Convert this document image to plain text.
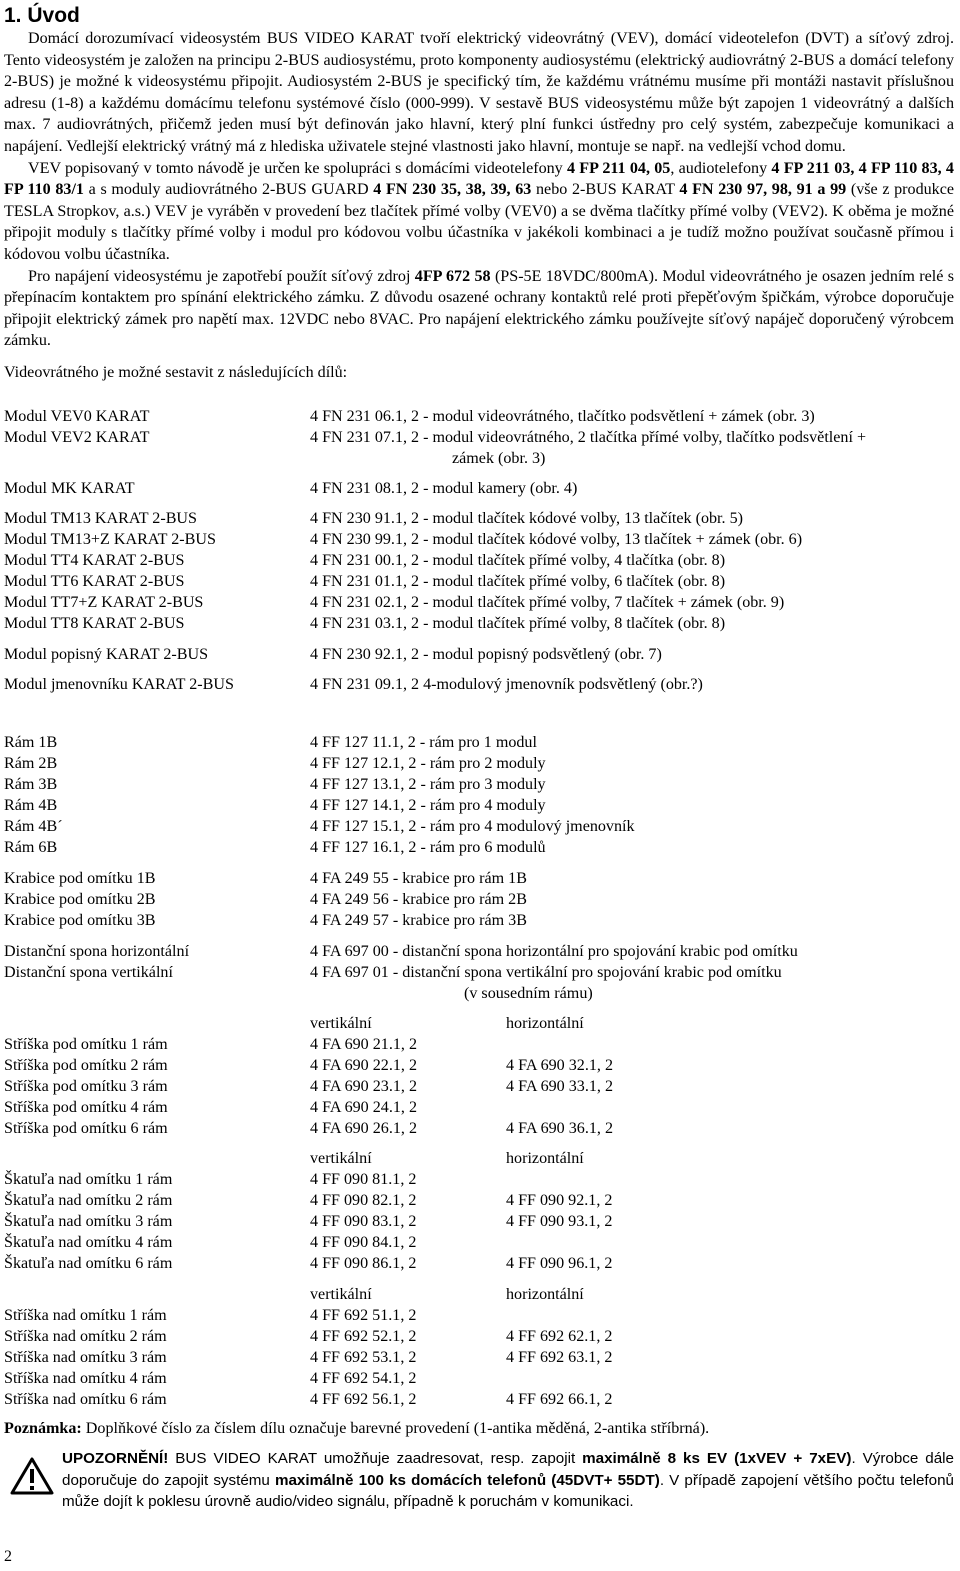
1. Úvod

Domácí dorozumívací videosystém BUS VIDEO KARAT tvoří elektrický videovrátný (VEV), domácí videotelefon (DVT) a síťový zdroj. Tento videosystém je založen na principu 2-BUS audiosystému, proto komponenty audiosystému (elektrický audiovrátný 2-BUS a domácí telefony 2-BUS) je možné k videosystému připojit. Audiosystém 2-BUS je specifický tím, že každému vrátnému musíme při montáži nastavit příslušnou adresu (1-8) a každému domácímu telefonu systémové číslo (000-999). V sestavě BUS videosystému může být zapojen 1 videovrátný a dalších max. 7 audiovrátných, přičemž jeden musí být definován jako hlavní, který plní funkci ústředny pro celý systém, zabezpečuje komunikaci a napájení. Vedlejší elektrický vrátný má z hlediska uživatele stejné vlastnosti jako hlavní, montuje se např. na vedlejší vchod domu.

VEV popisovaný v tomto návodě je určen ke spolupráci s domácími videotelefony 4 FP 211 04, 05, audiotelefony 4 FP 211 03, 4 FP 110 83, 4 FP 110 83/1 a s moduly audiovrátného 2-BUS GUARD 4 FN 230 35, 38, 39, 63 nebo 2-BUS KARAT 4 FN 230 97, 98, 91 a 99 (vše z produkce TESLA Stropkov, a.s.) VEV je vyráběn v provedení bez tlačítek přímé volby (VEV0) a se dvěma tlačítky přímé volby (VEV2). K oběma je možné připojit moduly s tlačítky přímé volby i modul pro kódovou volbu účastníka v jakékoli kombinaci a je tudíž možno používat současně přímou i kódovou volbu účastníka.

Pro napájení videosystému je zapotřebí použít síťový zdroj 4FP 672 58 (PS-5E 18VDC/800mA). Modul videovrátného je osazen jedním relé s přepínacím kontaktem pro spínání elektrického zámku. Z důvodu osazené ochrany kontaktů relé proti přepěťovým špičkám, výrobce doporučuje připojit elektrický zámek pro napětí max. 12VDC nebo 8VAC. Pro napájení elektrického zámku používejte síťový napáječ doporučený výrobcem zámku.

Videovrátného je možné sestavit z následujících dílů:

Modul VEV0 KARAT	4 FN 231 06.1, 2 - modul videovrátného, tlačítko podsvětlení + zámek (obr. 3)
Modul VEV2 KARAT	4 FN 231 07.1, 2 - modul videovrátného, 2 tlačítka přímé volby, tlačítko podsvětlení +
zámek (obr. 3)
Modul MK KARAT	4 FN 231 08.1, 2 - modul kamery (obr. 4)
Modul TM13 KARAT 2-BUS	4 FN 230 91.1, 2 - modul tlačítek kódové volby, 13 tlačítek (obr. 5)
Modul TM13+Z KARAT 2-BUS	4 FN 230 99.1, 2 - modul tlačítek kódové volby, 13 tlačítek + zámek (obr. 6)
Modul TT4 KARAT 2-BUS	4 FN 231 00.1, 2 - modul tlačítek přímé volby, 4 tlačítka (obr. 8)
Modul TT6 KARAT 2-BUS	4 FN 231 01.1, 2 - modul tlačítek přímé volby, 6 tlačítek (obr. 8)
Modul TT7+Z KARAT 2-BUS	4 FN 231 02.1, 2 - modul tlačítek přímé volby, 7 tlačítek + zámek (obr. 9)
Modul TT8 KARAT 2-BUS	4 FN 231 03.1, 2 - modul tlačítek přímé volby, 8 tlačítek (obr. 8)
Modul popisný KARAT 2-BUS	4 FN 230 92.1, 2 - modul popisný podsvětlený (obr. 7)
Modul jmenovníku KARAT 2-BUS	4 FN 231 09.1, 2 4-modulový jmenovník podsvětlený (obr.?)
Rám 1B	4 FF 127 11.1, 2 - rám pro 1 modul
Rám 2B	4 FF 127 12.1, 2 - rám pro 2 moduly
Rám 3B	4 FF 127 13.1, 2 - rám pro 3 moduly
Rám 4B	4 FF 127 14.1, 2 - rám pro 4 moduly
Rám 4B´	4 FF 127 15.1, 2 - rám pro 4 modulový jmenovník
Rám 6B	4 FF 127 16.1, 2 - rám pro 6 modulů
Krabice pod omítku 1B	4 FA 249 55 - krabice pro rám 1B
Krabice pod omítku 2B	4 FA 249 56 - krabice pro rám 2B
Krabice pod omítku 3B	4 FA 249 57 - krabice pro rám 3B
Distanční spona horizontální	4 FA 697 00 - distanční spona horizontální pro spojování krabic pod omítku
Distanční spona vertikální	4 FA 697 01 - distanční spona vertikální pro spojování krabic pod omítku
(v sousedním rámu)
vertikální	horizontální
Stříška pod omítku 1 rám	4 FA 690 21.1, 2
Stříška pod omítku 2 rám	4 FA 690 22.1, 2	4 FA 690 32.1, 2
Stříška pod omítku 3 rám	4 FA 690 23.1, 2	4 FA 690 33.1, 2
Stříška pod omítku 4 rám	4 FA 690 24.1, 2
Stříška pod omítku 6 rám	4 FA 690 26.1, 2	4 FA 690 36.1, 2
vertikální	horizontální
Škatuľa nad omítku 1 rám	4 FF 090 81.1, 2
Škatuľa nad omítku 2 rám	4 FF 090 82.1, 2	4 FF 090 92.1, 2
Škatuľa nad omítku 3 rám	4 FF 090 83.1, 2	4 FF 090 93.1, 2
Škatuľa nad omítku 4 rám	4 FF 090 84.1, 2
Škatuľa nad omítku 6 rám	4 FF 090 86.1, 2	4 FF 090 96.1, 2
vertikální	horizontální
Stříška nad omítku 1 rám	4 FF 692 51.1, 2
Stříška nad omítku 2 rám	4 FF 692 52.1, 2	4 FF 692 62.1, 2
Stříška nad omítku 3 rám	4 FF 692 53.1, 2	4 FF 692 63.1, 2
Stříška nad omítku 4 rám	4 FF 692 54.1, 2
Stříška nad omítku 6 rám	4 FF 692 56.1, 2	4 FF 692 66.1, 2
Poznámka: Doplňkové číslo za číslem dílu označuje barevné provedení (1-antika měděná, 2-antika stříbrná).
UPOZORNĚNÍ! BUS VIDEO KARAT umožňuje zaadresovat, resp. zapojit maximálně 8 ks EV (1xVEV + 7xEV). Výrobce dále doporučuje do zapojit systému maximálně 100 ks domácích telefonů (45DVT+ 55DT). V případě zapojení většího počtu telefonů může dojít k poklesu úrovně audio/video signálu, případně k poruchám v komunikaci.
2
